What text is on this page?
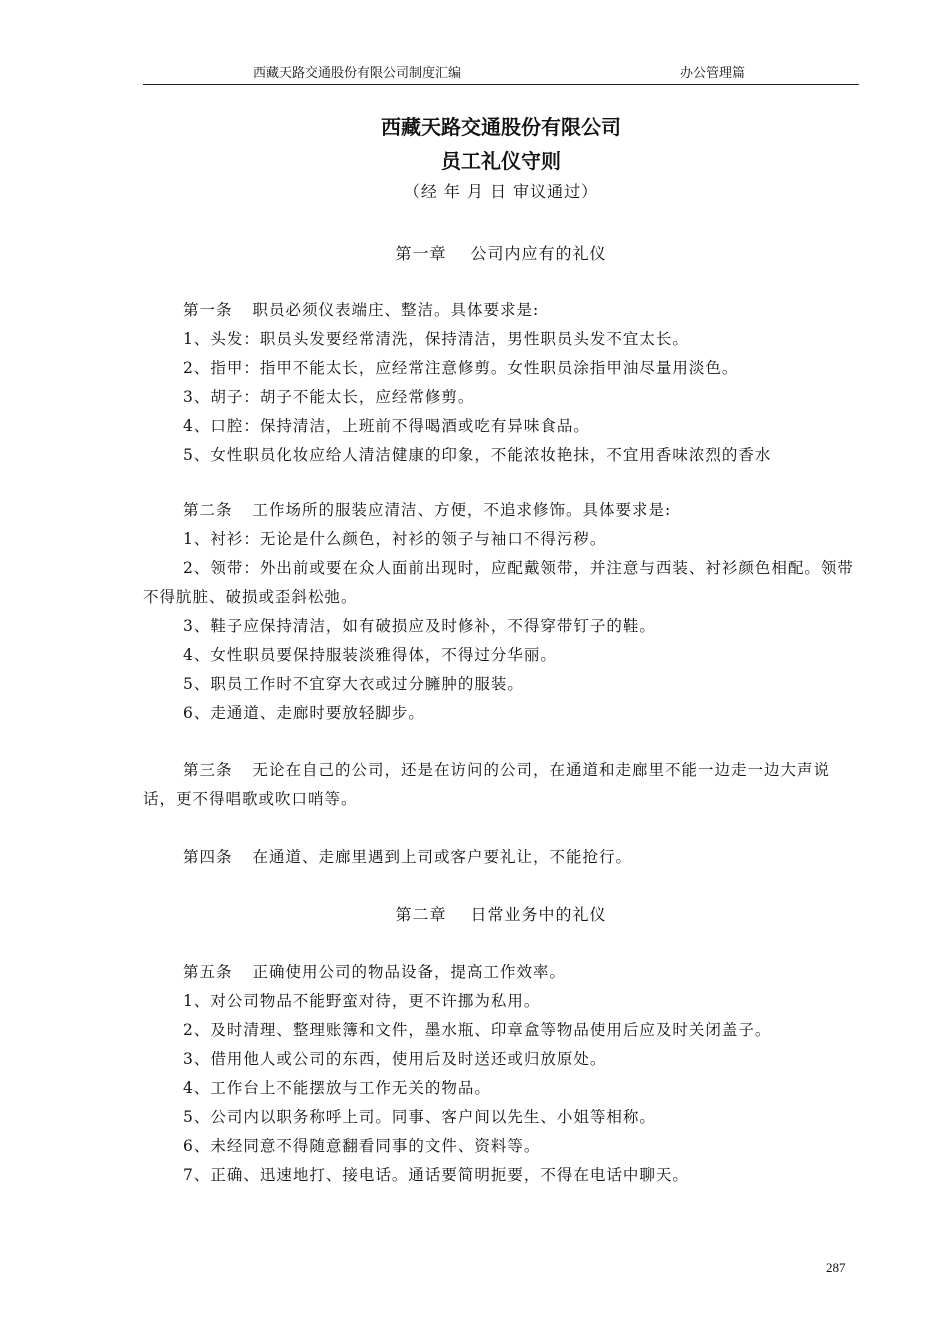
西藏天路交通股份有限公司制度汇编	办公管理篇
西藏天路交通股份有限公司
员工礼仪守则
（经 年 月 日 审议通过）
第一章 公司内应有的礼仪

第一条 职员必须仪表端庄、整洁。具体要求是:

1、头发：职员头发要经常清洗，保持清洁，男性职员头发不宜太长。

2、指甲：指甲不能太长，应经常注意修剪。女性职员涂指甲油尽量用淡色。

3、胡子：胡子不能太长，应经常修剪。

4、口腔：保持清洁，上班前不得喝酒或吃有异味食品。

5、女性职员化妆应给人清洁健康的印象，不能浓妆艳抹，不宜用香味浓烈的香水

第二条 工作场所的服装应清洁、方便，不追求修饰。具体要求是:

1、衬衫：无论是什么颜色，衬衫的领子与袖口不得污秽。

2、领带：外出前或要在众人面前出现时，应配戴领带，并注意与西装、衬衫颜色相配。领带不得肮脏、破损或歪斜松弛。

3、鞋子应保持清洁，如有破损应及时修补，不得穿带钉子的鞋。

4、女性职员要保持服装淡雅得体，不得过分华丽。

5、职员工作时不宜穿大衣或过分臃肿的服装。

6、走通道、走廊时要放轻脚步。

第三条 无论在自己的公司，还是在访问的公司，在通道和走廊里不能一边走一边大声说话，更不得唱歌或吹口哨等。

第四条 在通道、走廊里遇到上司或客户要礼让，不能抢行。

第二章 日常业务中的礼仪

第五条 正确使用公司的物品设备，提高工作效率。

1、对公司物品不能野蛮对待，更不许挪为私用。

2、及时清理、整理账簿和文件，墨水瓶、印章盒等物品使用后应及时关闭盖子。

3、借用他人或公司的东西，使用后及时送还或归放原处。

4、工作台上不能摆放与工作无关的物品。

5、公司内以职务称呼上司。同事、客户间以先生、小姐等相称。

6、未经同意不得随意翻看同事的文件、资料等。

7、正确、迅速地打、接电话。通话要简明扼要，不得在电话中聊天。

287
